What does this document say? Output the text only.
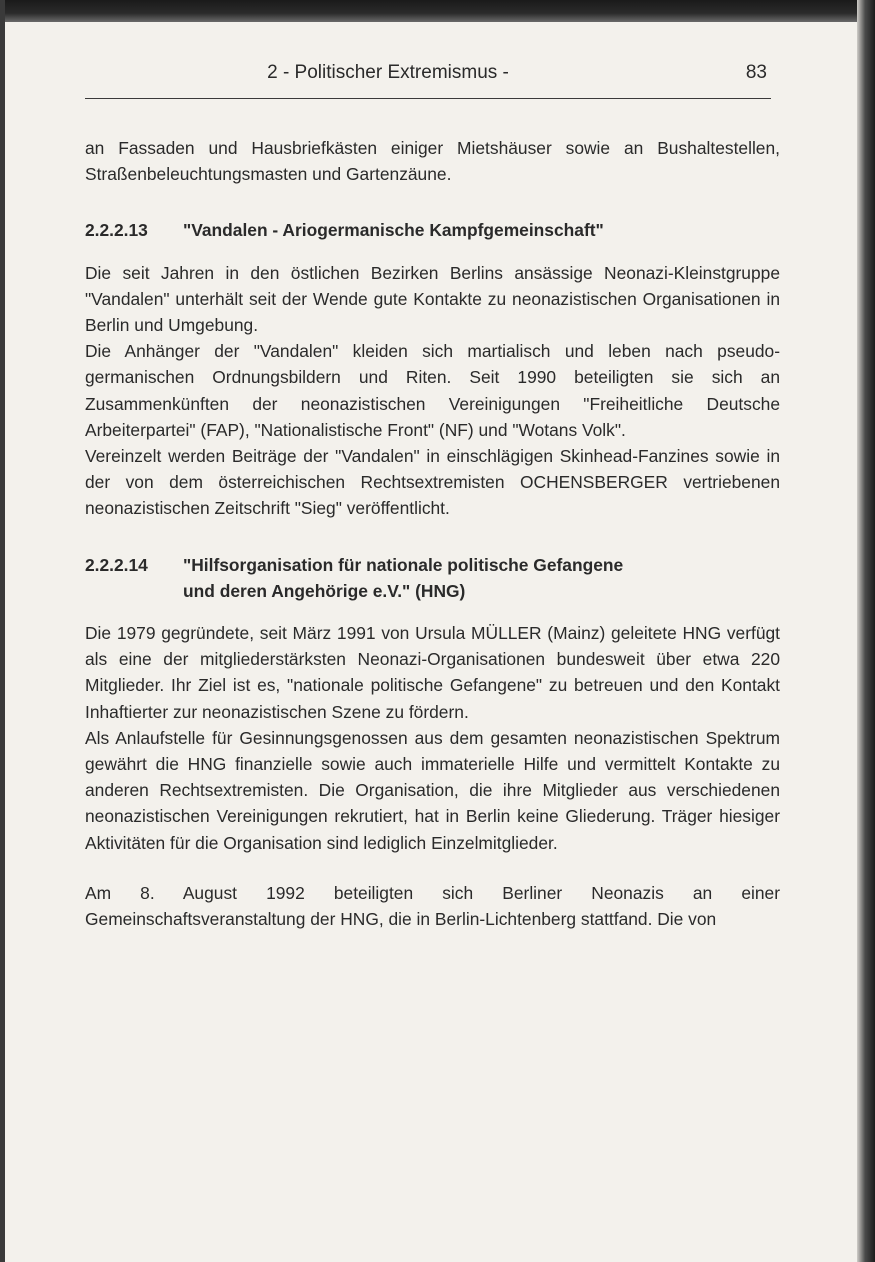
2 - Politischer Extremismus -	83

an Fassaden und Hausbriefkästen einiger Mietshäuser sowie an Bushaltestellen, Straßenbeleuchtungsmasten und Gartenzäune.

2.2.2.13	"Vandalen - Ariogermanische Kampfgemeinschaft"

Die seit Jahren in den östlichen Bezirken Berlins ansässige Neonazi-Kleinstgruppe "Vandalen" unterhält seit der Wende gute Kontakte zu neonazistischen Organisationen in Berlin und Umgebung.

Die Anhänger der "Vandalen" kleiden sich martialisch und leben nach pseudo-germanischen Ordnungsbildern und Riten. Seit 1990 beteiligten sie sich an Zusammenkünften der neonazistischen Vereinigungen "Freiheitliche Deutsche Arbeiterpartei" (FAP), "Nationalistische Front" (NF) und "Wotans Volk".

Vereinzelt werden Beiträge der "Vandalen" in einschlägigen Skinhead-Fanzines sowie in der von dem österreichischen Rechtsextremisten OCHENSBERGER vertriebenen neonazistischen Zeitschrift "Sieg" veröffentlicht.

2.2.2.14	"Hilfsorganisation für nationale politische Gefangene
und deren Angehörige e.V." (HNG)

Die 1979 gegründete, seit März 1991 von Ursula MÜLLER (Mainz) geleitete HNG verfügt als eine der mitgliederstärksten Neonazi-Organisationen bundesweit über etwa 220 Mitglieder. Ihr Ziel ist es, "nationale politische Gefangene" zu betreuen und den Kontakt Inhaftierter zur neonazistischen Szene zu fördern.

Als Anlaufstelle für Gesinnungsgenossen aus dem gesamten neonazistischen Spektrum gewährt die HNG finanzielle sowie auch immaterielle Hilfe und vermittelt Kontakte zu anderen Rechtsextremisten. Die Organisation, die ihre Mitglieder aus verschiedenen neonazistischen Vereinigungen rekrutiert, hat in Berlin keine Gliederung. Träger hiesiger Aktivitäten für die Organisation sind lediglich Einzelmitglieder.

Am 8. August 1992 beteiligten sich Berliner Neonazis an einer Gemeinschaftsveranstaltung der HNG, die in Berlin-Lichtenberg stattfand. Die von
